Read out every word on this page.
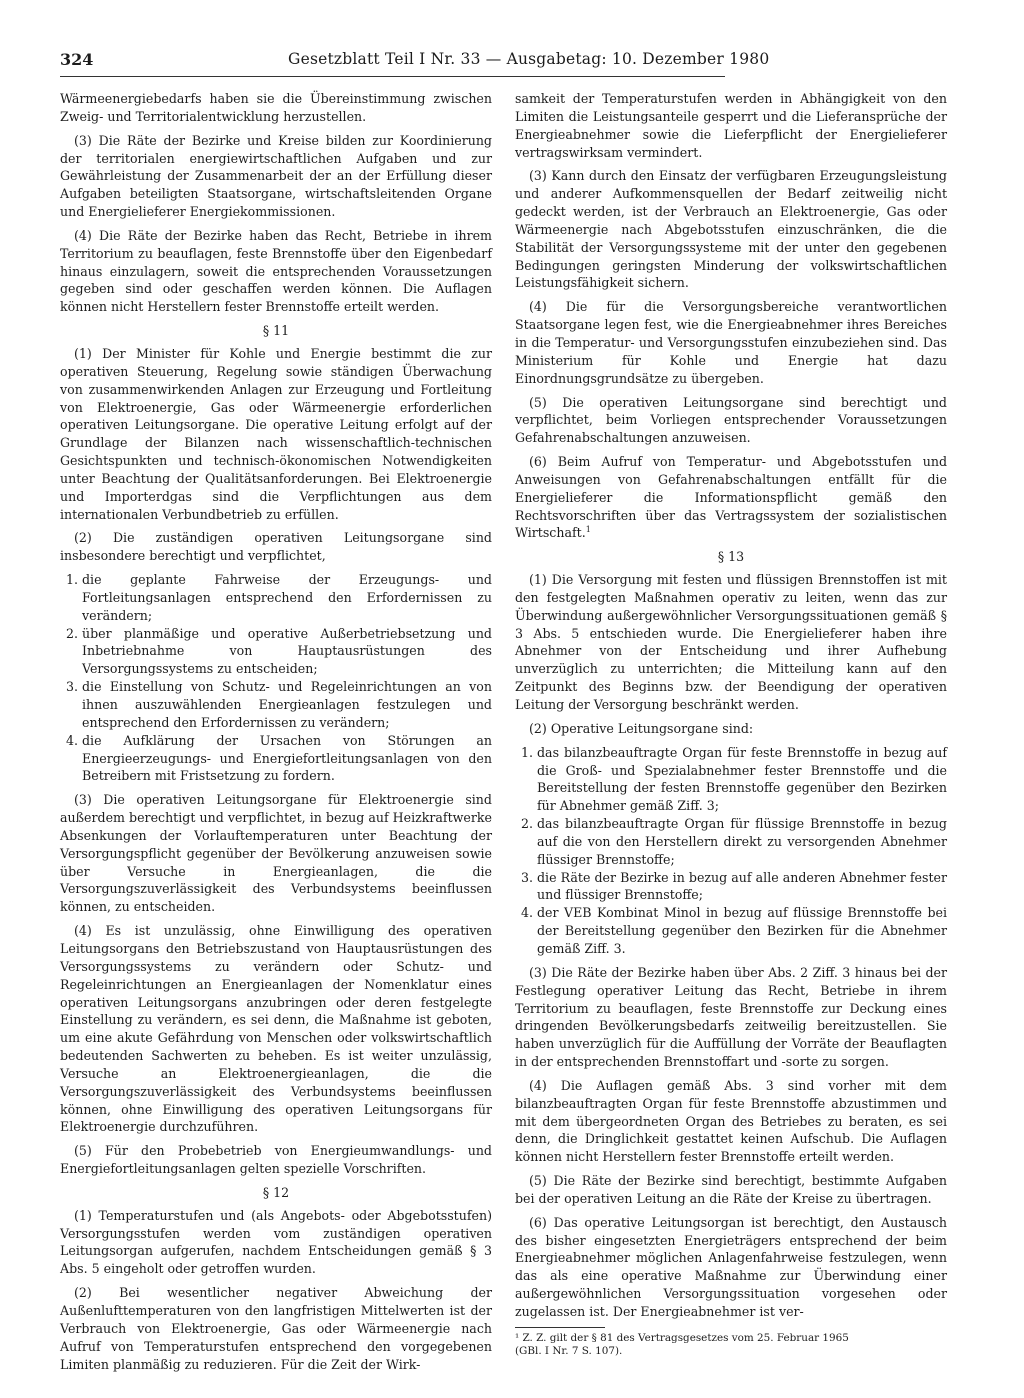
324	Gesetzblatt Teil I Nr. 33 — Ausgabetag: 10. Dezember 1980

Wärmeenergiebedarfs haben sie die Übereinstimmung zwischen Zweig- und Territorialentwicklung herzustellen.

(3) Die Räte der Bezirke und Kreise bilden zur Koordinierung der territorialen energiewirtschaftlichen Aufgaben und zur Gewährleistung der Zusammenarbeit der an der Erfüllung dieser Aufgaben beteiligten Staatsorgane, wirtschaftsleitenden Organe und Energielieferer Energiekommissionen.

(4) Die Räte der Bezirke haben das Recht, Betriebe in ihrem Territorium zu beauflagen, feste Brennstoffe über den Eigenbedarf hinaus einzulagern, soweit die entsprechenden Voraussetzungen gegeben sind oder geschaffen werden können. Die Auflagen können nicht Herstellern fester Brennstoffe erteilt werden.

§ 11

(1) Der Minister für Kohle und Energie bestimmt die zur operativen Steuerung, Regelung sowie ständigen Überwachung von zusammenwirkenden Anlagen zur Erzeugung und Fortleitung von Elektroenergie, Gas oder Wärmeenergie erforderlichen operativen Leitungsorgane. Die operative Leitung erfolgt auf der Grundlage der Bilanzen nach wissenschaftlich-technischen Gesichtspunkten und technisch-ökonomischen Notwendigkeiten unter Beachtung der Qualitätsanforderungen. Bei Elektroenergie und Importerdgas sind die Verpflichtungen aus dem internationalen Verbundbetrieb zu erfüllen.

(2) Die zuständigen operativen Leitungsorgane sind insbesondere berechtigt und verpflichtet,

1. die geplante Fahrweise der Erzeugungs- und Fortleitungsanlagen entsprechend den Erfordernissen zu verändern;
2. über planmäßige und operative Außerbetriebsetzung und Inbetriebnahme von Hauptausrüstungen des Versorgungssystems zu entscheiden;
3. die Einstellung von Schutz- und Regeleinrichtungen an von ihnen auszuwählenden Energieanlagen festzulegen und entsprechend den Erfordernissen zu verändern;
4. die Aufklärung der Ursachen von Störungen an Energieerzeugungs- und Energiefortleitungsanlagen von den Betreibern mit Fristsetzung zu fordern.

(3) Die operativen Leitungsorgane für Elektroenergie sind außerdem berechtigt und verpflichtet, in bezug auf Heizkraftwerke Absenkungen der Vorlauftemperaturen unter Beachtung der Versorgungspflicht gegenüber der Bevölkerung anzuweisen sowie über Versuche in Energieanlagen, die die Versorgungszuverlässigkeit des Verbundsystems beeinflussen können, zu entscheiden.

(4) Es ist unzulässig, ohne Einwilligung des operativen Leitungsorgans den Betriebszustand von Hauptausrüstungen des Versorgungssystems zu verändern oder Schutz- und Regeleinrichtungen an Energieanlagen der Nomenklatur eines operativen Leitungsorgans anzubringen oder deren festgelegte Einstellung zu verändern, es sei denn, die Maßnahme ist geboten, um eine akute Gefährdung von Menschen oder volkswirtschaftlich bedeutenden Sachwerten zu beheben. Es ist weiter unzulässig, Versuche an Elektroenergieanlagen, die die Versorgungszuverlässigkeit des Verbundsystems beeinflussen können, ohne Einwilligung des operativen Leitungsorgans für Elektroenergie durchzuführen.

(5) Für den Probebetrieb von Energieumwandlungs- und Energiefortleitungsanlagen gelten spezielle Vorschriften.

§ 12

(1) Temperaturstufen und (als Angebots- oder Abgebotsstufen) Versorgungsstufen werden vom zuständigen operativen Leitungsorgan aufgerufen, nachdem Entscheidungen gemäß § 3 Abs. 5 eingeholt oder getroffen wurden.

(2) Bei wesentlicher negativer Abweichung der Außenlufttemperaturen von den langfristigen Mittelwerten ist der Verbrauch von Elektroenergie, Gas oder Wärmeenergie nach Aufruf von Temperaturstufen entsprechend den vorgegebenen Limiten planmäßig zu reduzieren. Für die Zeit der Wirk-

samkeit der Temperaturstufen werden in Abhängigkeit von den Limiten die Leistungsanteile gesperrt und die Lieferansprüche der Energieabnehmer sowie die Lieferpflicht der Energielieferer vertragswirksam vermindert.

(3) Kann durch den Einsatz der verfügbaren Erzeugungsleistung und anderer Aufkommensquellen der Bedarf zeitweilig nicht gedeckt werden, ist der Verbrauch an Elektroenergie, Gas oder Wärmeenergie nach Abgebotsstufen einzuschränken, die die Stabilität der Versorgungssysteme mit der unter den gegebenen Bedingungen geringsten Minderung der volkswirtschaftlichen Leistungsfähigkeit sichern.

(4) Die für die Versorgungsbereiche verantwortlichen Staatsorgane legen fest, wie die Energieabnehmer ihres Bereiches in die Temperatur- und Versorgungsstufen einzubeziehen sind. Das Ministerium für Kohle und Energie hat dazu Einordnungsgrundsätze zu übergeben.

(5) Die operativen Leitungsorgane sind berechtigt und verpflichtet, beim Vorliegen entsprechender Voraussetzungen Gefahrenabschaltungen anzuweisen.

(6) Beim Aufruf von Temperatur- und Abgebotsstufen und Anweisungen von Gefahrenabschaltungen entfällt für die Energielieferer die Informationspflicht gemäß den Rechtsvorschriften über das Vertragssystem der sozialistischen Wirtschaft.$^1$

§ 13

(1) Die Versorgung mit festen und flüssigen Brennstoffen ist mit den festgelegten Maßnahmen operativ zu leiten, wenn das zur Überwindung außergewöhnlicher Versorgungssituationen gemäß § 3 Abs. 5 entschieden wurde. Die Energielieferer haben ihre Abnehmer von der Entscheidung und ihrer Aufhebung unverzüglich zu unterrichten; die Mitteilung kann auf den Zeitpunkt des Beginns bzw. der Beendigung der operativen Leitung der Versorgung beschränkt werden.

(2) Operative Leitungsorgane sind:

1. das bilanzbeauftragte Organ für feste Brennstoffe in bezug auf die Groß- und Spezialabnehmer fester Brennstoffe und die Bereitstellung der festen Brennstoffe gegenüber den Bezirken für Abnehmer gemäß Ziff. 3;
2. das bilanzbeauftragte Organ für flüssige Brennstoffe in bezug auf die von den Herstellern direkt zu versorgenden Abnehmer flüssiger Brennstoffe;
3. die Räte der Bezirke in bezug auf alle anderen Abnehmer fester und flüssiger Brennstoffe;
4. der VEB Kombinat Minol in bezug auf flüssige Brennstoffe bei der Bereitstellung gegenüber den Bezirken für die Abnehmer gemäß Ziff. 3.

(3) Die Räte der Bezirke haben über Abs. 2 Ziff. 3 hinaus bei der Festlegung operativer Leitung das Recht, Betriebe in ihrem Territorium zu beauflagen, feste Brennstoffe zur Deckung eines dringenden Bevölkerungsbedarfs zeitweilig bereitzustellen. Sie haben unverzüglich für die Auffüllung der Vorräte der Beauflagten in der entsprechenden Brennstoffart und -sorte zu sorgen.

(4) Die Auflagen gemäß Abs. 3 sind vorher mit dem bilanzbeauftragten Organ für feste Brennstoffe abzustimmen und mit dem übergeordneten Organ des Betriebes zu beraten, es sei denn, die Dringlichkeit gestattet keinen Aufschub. Die Auflagen können nicht Herstellern fester Brennstoffe erteilt werden.

(5) Die Räte der Bezirke sind berechtigt, bestimmte Aufgaben bei der operativen Leitung an die Räte der Kreise zu übertragen.

(6) Das operative Leitungsorgan ist berechtigt, den Austausch des bisher eingesetzten Energieträgers entsprechend der beim Energieabnehmer möglichen Anlagenfahrweise festzulegen, wenn das als eine operative Maßnahme zur Überwindung einer außergewöhnlichen Versorgungssituation vorgesehen oder zugelassen ist. Der Energieabnehmer ist ver-

¹ Z. Z. gilt der § 81 des Vertragsgesetzes vom 25. Februar 1965
(GBl. I Nr. 7 S. 107).
